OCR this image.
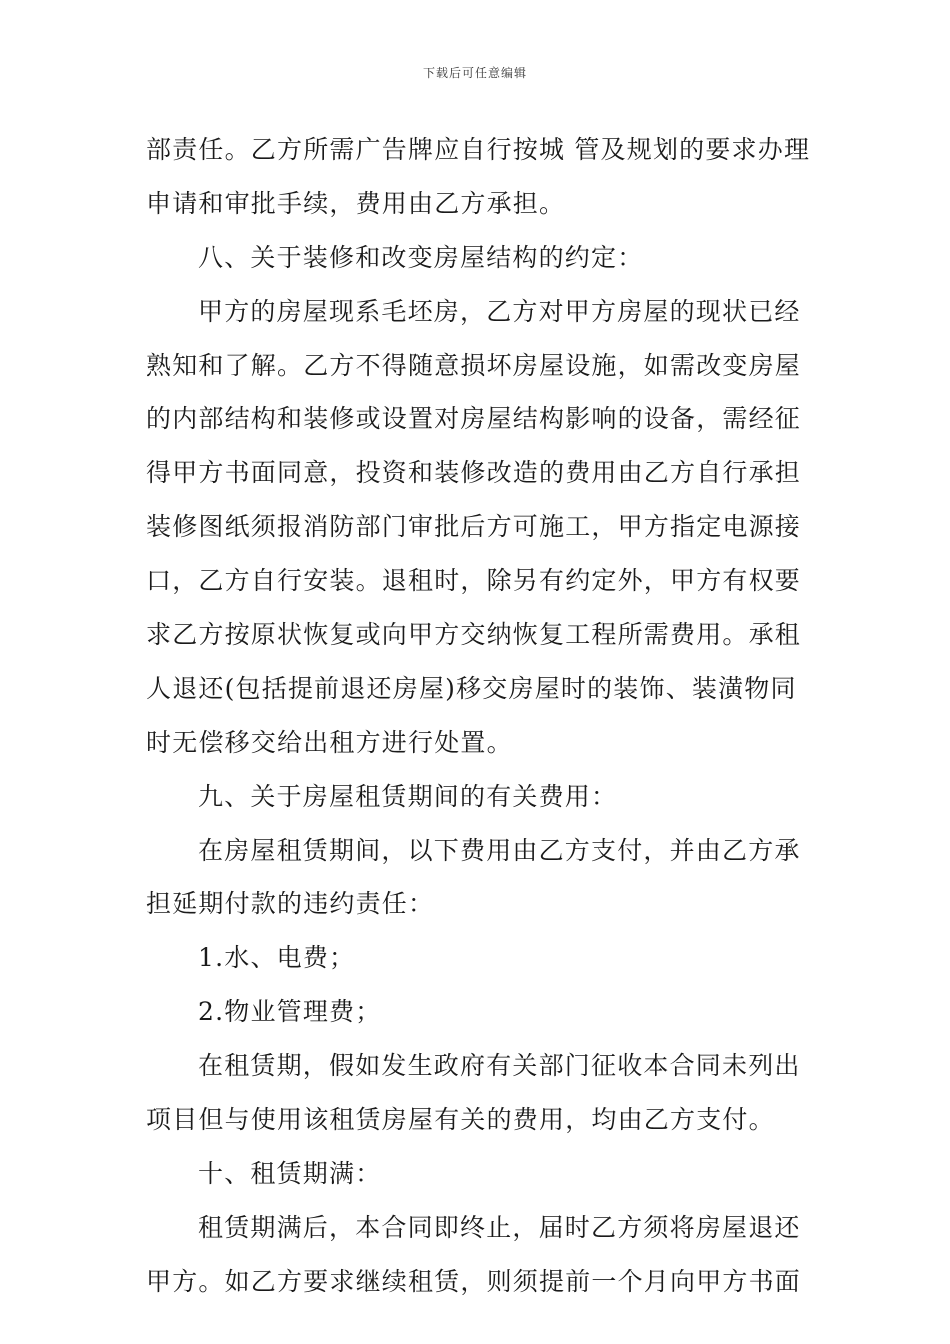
下载后可任意编辑
部责任。乙方所需广告牌应自行按城 管及规划的要求办理
申请和审批手续，费用由乙方承担。
八、关于装修和改变房屋结构的约定：
甲方的房屋现系毛坯房，乙方对甲方房屋的现状已经
熟知和了解。乙方不得随意损坏房屋设施，如需改变房屋
的内部结构和装修或设置对房屋结构影响的设备，需经征
得甲方书面同意，投资和装修改造的费用由乙方自行承担
装修图纸须报消防部门审批后方可施工，甲方指定电源接
口，乙方自行安装。退租时，除另有约定外，甲方有权要
求乙方按原状恢复或向甲方交纳恢复工程所需费用。承租
人退还(包括提前退还房屋)移交房屋时的装饰、装潢物同
时无偿移交给出租方进行处置。
九、关于房屋租赁期间的有关费用：
在房屋租赁期间，以下费用由乙方支付，并由乙方承
担延期付款的违约责任：
1.水、电费；
2.物业管理费；
在租赁期，假如发生政府有关部门征收本合同未列出
项目但与使用该租赁房屋有关的费用，均由乙方支付。
十、租赁期满：
租赁期满后，本合同即终止，届时乙方须将房屋退还
甲方。如乙方要求继续租赁，则须提前一个月向甲方书面
